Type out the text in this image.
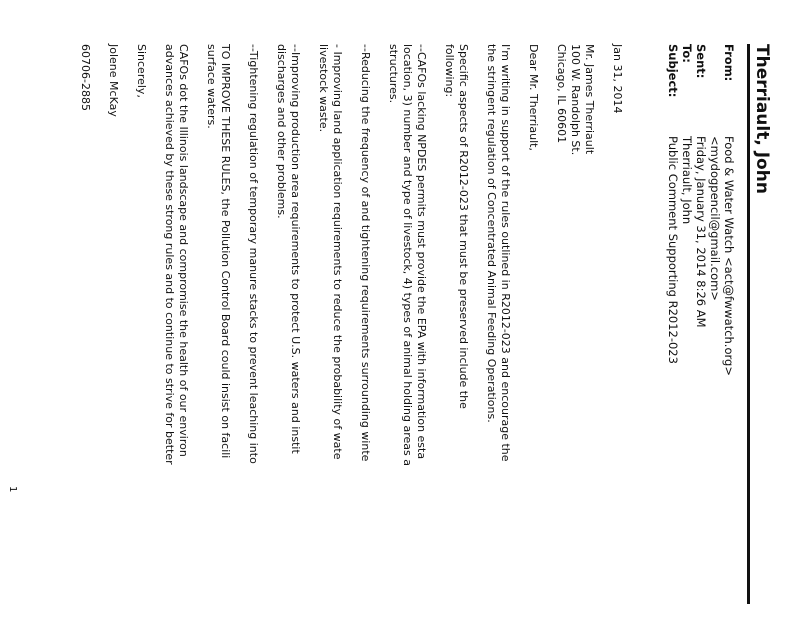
Therriault, John
From:Food & Water Watch <act@fwwatch.org>
<mydogpencil@gmail.com>
Sent:Friday, January 31, 2014 8:26 AM
To:Therriault, John
Subject:Public Comment Supporting R2012-023
Jan 31, 2014
Mr. James Therriault
100 W. Randolph St.
Chicago, IL 60601
Dear Mr. Therriault,
I'm writing in support of the rules outlined in R2012-023 and encourage the
the stringent regulation of Concentrated Animal Feeding Operations.
Specific aspects of R2012-023 that must be preserved include the
following:
--CAFOs lacking NPDES permits must provide the EPA with information esta
location, 3) number and type of livestock, 4) types of animal holding areas a
structures.
--Reducing the frequency of and tightening requirements surrounding winte
- Improving land application requirements to reduce the probability of wate
livestock waste.
--Improving production area requirements to protect U.S. waters and instit
discharges and other problems.
--Tightening regulation of temporary manure stacks to prevent leaching into
TO IMPROVE THESE RULES, the Pollution Control Board could insist on facili
surface waters.
CAFOs dot the Illinois landscape and compromise the health of our environ
advances achieved by these strong rules and to continue to strive for better
Sincerely,
Jolene McKay
60706-2885
1
